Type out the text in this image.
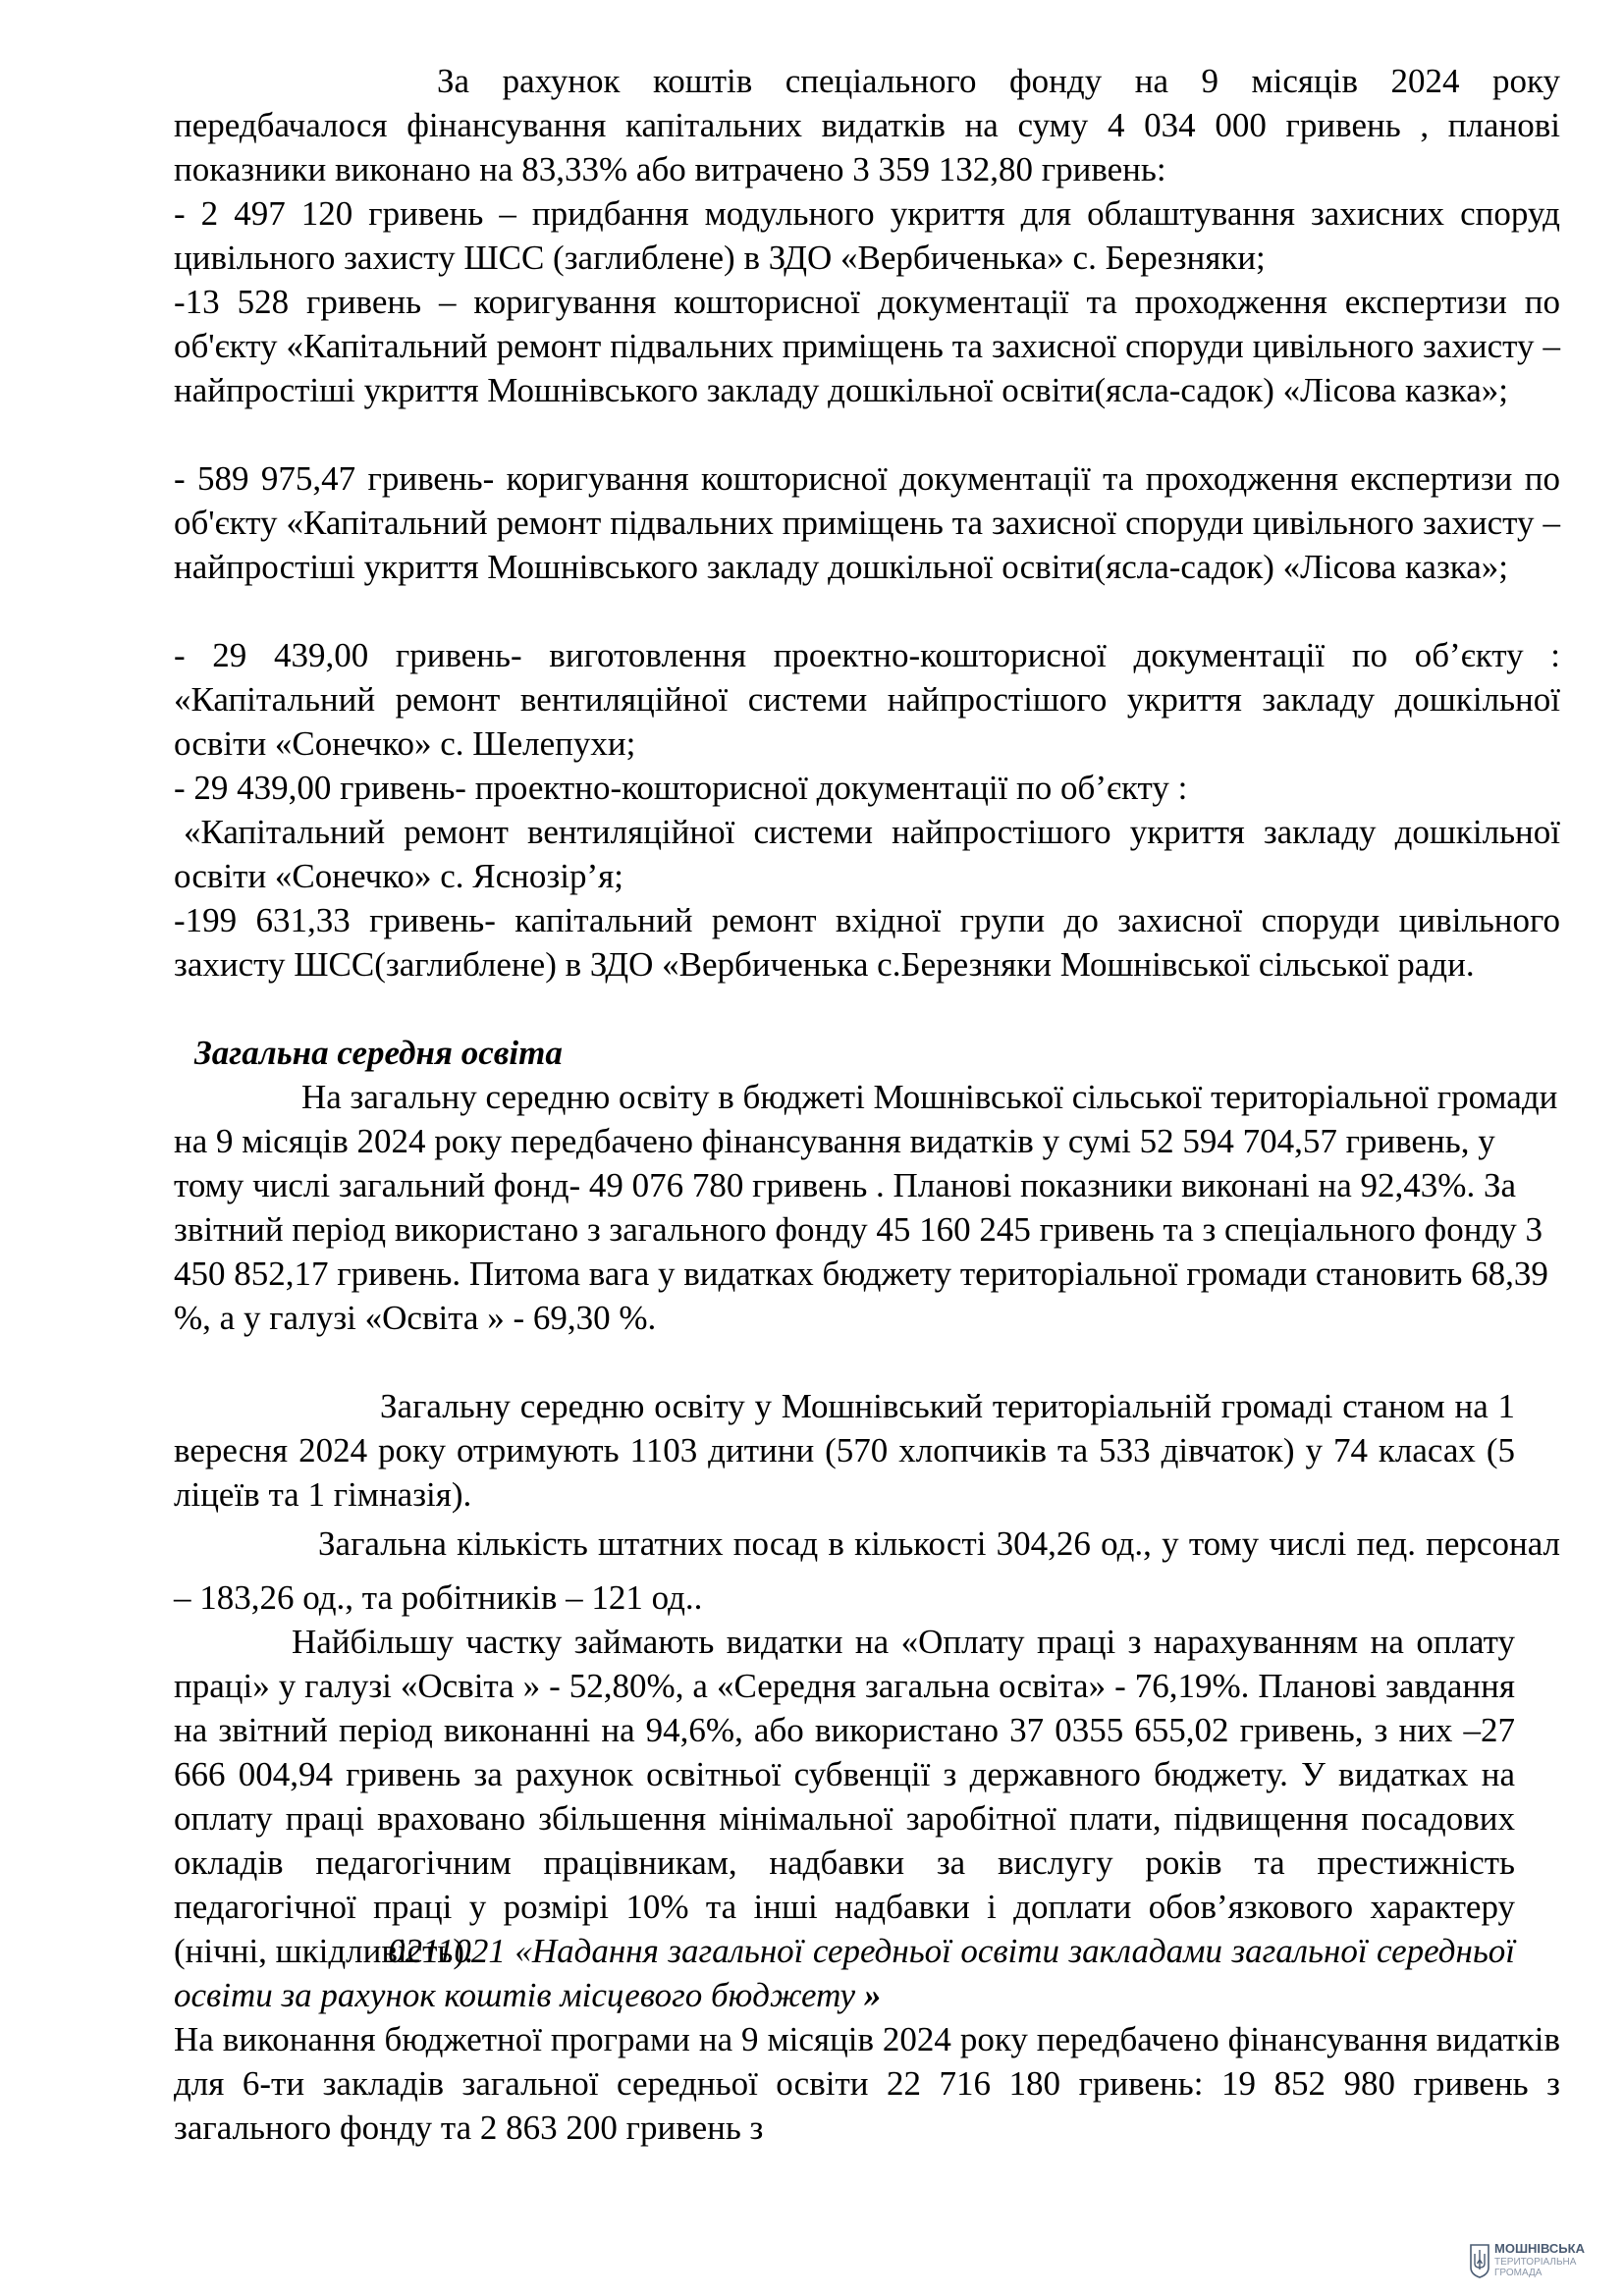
За рахунок коштів спеціального фонду на 9 місяців 2024 року передбачалося фінансування капітальних видатків на суму 4 034 000 гривень , планові показники виконано на 83,33% або витрачено 3 359 132,80 гривень:

- 2 497 120 гривень – придбання модульного укриття для облаштування захисних споруд цивільного захисту ШСС (заглиблене) в ЗДО «Вербиченька» с. Березняки;

-13 528 гривень – коригування кошторисної документації та проходження експертизи по об'єкту «Капітальний ремонт підвальних приміщень та захисної споруди цивільного захисту – найпростіші укриття Мошнівського закладу дошкільної освіти(ясла-садок) «Лісова казка»;

- 589 975,47 гривень- коригування кошторисної документації та проходження експертизи по об'єкту «Капітальний ремонт підвальних приміщень та захисної споруди цивільного захисту – найпростіші укриття Мошнівського закладу дошкільної освіти(ясла-садок) «Лісова казка»;

- 29 439,00 гривень- виготовлення проектно-кошторисної документації по об’єкту : «Капітальний ремонт вентиляційної системи найпростішого укриття закладу дошкільної освіти «Сонечко» с. Шелепухи;

- 29 439,00 гривень- проектно-кошторисної документації по об’єкту :

«Капітальний ремонт вентиляційної системи найпростішого укриття закладу дошкільної освіти «Сонечко» с. Яснозір’я;

-199 631,33 гривень- капітальний ремонт вхідної групи до захисної споруди цивільного захисту ШСС(заглиблене) в ЗДО «Вербиченька с.Березняки Мошнівської сільської ради.

Загальна середня освіта

На загальну середню освіту в бюджеті Мошнівської сільської територіальної громади на 9 місяців 2024 року передбачено фінансування видатків у сумі 52 594 704,57 гривень, у тому числі загальний фонд- 49 076 780 гривень . Планові показники виконані на 92,43%. За звітний період використано з загального фонду 45 160 245 гривень та з спеціального фонду 3 450 852,17 гривень. Питома вага у видатках бюджету територіальної громади становить 68,39 %, а у галузі «Освіта » - 69,30 %.

Загальну середню освіту у Мошнівський територіальній громаді станом на 1 вересня 2024 року отримують 1103 дитини (570 хлопчиків та 533 дівчаток) у 74 класах (5 ліцеїв та 1 гімназія).

Загальна кількість штатних посад в кількості 304,26 од., у тому числі пед. персонал – 183,26 од., та робітників – 121 од..

Найбільшу частку займають видатки на «Оплату праці з нарахуванням на оплату праці» у галузі «Освіта » - 52,80%, а «Середня загальна освіта» - 76,19%. Планові завдання на звітний період виконанні на 94,6%, або використано 37 0355 655,02 гривень, з них –27 666 004,94 гривень за рахунок освітньої субвенції з державного бюджету. У видатках на оплату праці враховано збільшення мінімальної заробітної плати, підвищення посадових окладів педагогічним працівникам, надбавки за вислугу років та престижність педагогічної праці у розмірі 10% та інші надбавки і доплати обов’язкового характеру (нічні, шкідливість).

0211021 «Надання загальної середньої освіти закладами загальної середньої освіти за рахунок коштів місцевого бюджету »

На виконання бюджетної програми на 9 місяців 2024 року передбачено фінансування видатків для 6-ти закладів загальної середньої освіти 22 716 180 гривень: 19 852 980 гривень з загального фонду та 2 863 200 гривень з

МОШНІВСЬКА
ТЕРИТОРІАЛЬНА
ГРОМАДА
